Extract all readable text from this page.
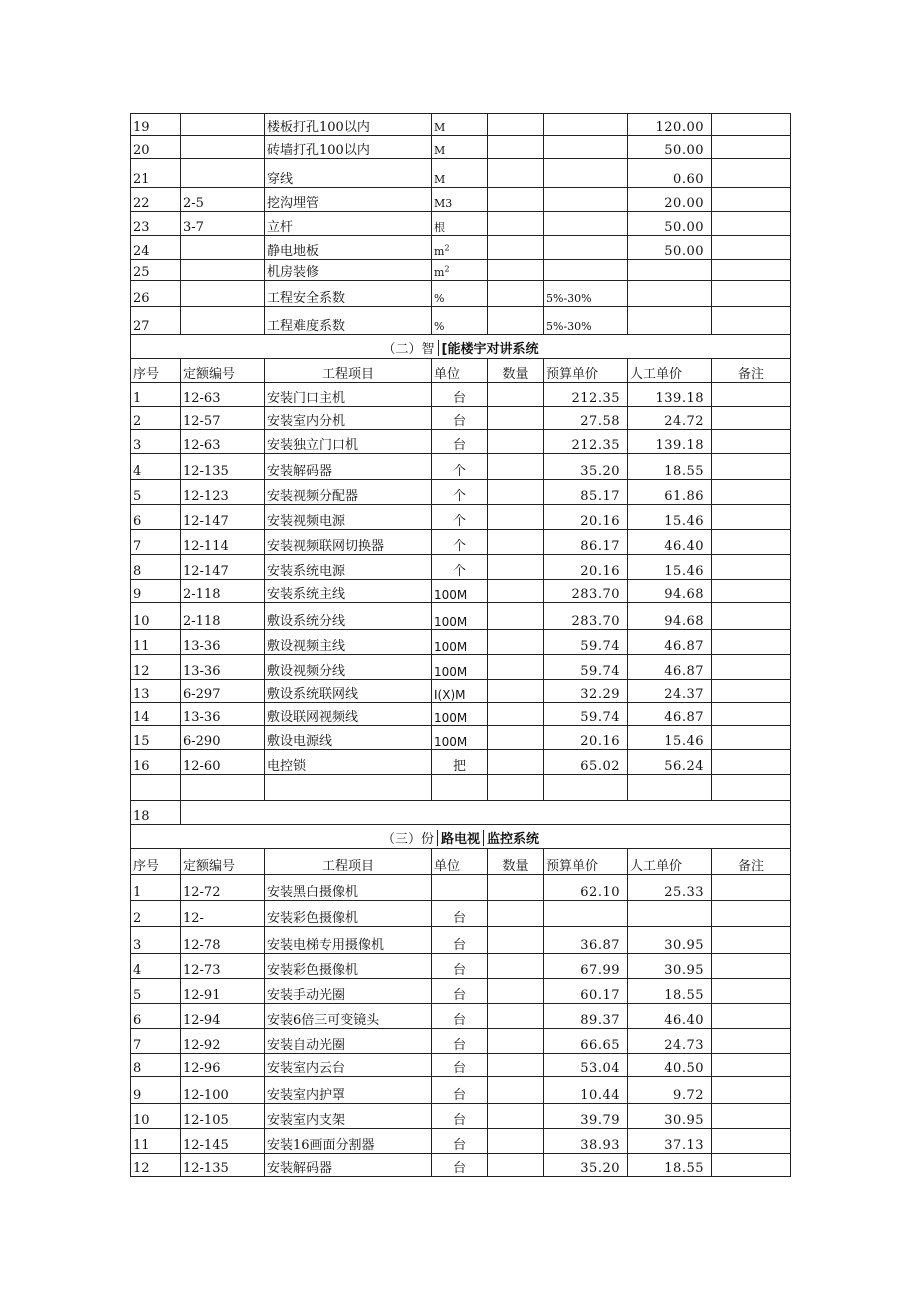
19		楼板打孔100以内	M			120.00	
20		砖墙打孔100以内	M			50.00	
21		穿线	M			0.60	
22	2-5	挖沟埋管	M3			20.00	
23	3-7	立杆	根			50.00	
24		静电地板	$m^2$			50.00	
25		机房装修	$m^2$				
26		工程安全系数	%		5%-30%		
27		工程难度系数	%		5%-30%		
（二）智 [能楼宇对讲系统							
序号	定额编号	工程项目	单位	数量	预算单价	人工单价	备注
1	12-63	安装门口主机	台		212.35	139.18	
2	12-57	安装室内分机	台		27.58	24.72	
3	12-63	安装独立门口机	台		212.35	139.18	
4	12-135	安装解码器	个		35.20	18.55	
5	12-123	安装视频分配器	个		85.17	61.86	
6	12-147	安装视频电源	个		20.16	15.46	
7	12-114	安装视频联网切换器	个		86.17	46.40	
8	12-147	安装系统电源	个		20.16	15.46	
9	2-118	安装系统主线	100M		283.70	94.68	
10	2-118	敷设系统分线	100M		283.70	94.68	
11	13-36	敷设视频主线	100M		59.74	46.87	
12	13-36	敷设视频分线	100M		59.74	46.87	
13	6-297	敷设系统联网线	I(X)M		32.29	24.37	
14	13-36	敷设联网视频线	100M		59.74	46.87	
15	6-290	敷设电源线	100M		20.16	15.46	
16	12-60	电控锁	把		65.02	56.24	

18							
（三）份 路电视 监控系统							
序号	定额编号	工程项目	单位	数量	预算单价	人工单价	备注
1	12-72	安装黑白摄像机			62.10	25.33	
2	12-	安装彩色摄像机	台				
3	12-78	安装电梯专用摄像机	台		36.87	30.95	
4	12-73	安装彩色摄像机	台		67.99	30.95	
5	12-91	安装手动光圈	台		60.17	18.55	
6	12-94	安装6倍三可变镜头	台		89.37	46.40	
7	12-92	安装自动光圈	台		66.65	24.73	
8	12-96	安装室内云台	台		53.04	40.50	
9	12-100	安装室内护罩	台		10.44	9.72	
10	12-105	安装室内支架	台		39.79	30.95	
11	12-145	安装16画面分割器	台		38.93	37.13	
12	12-135	安装解码器	台		35.20	18.55	
